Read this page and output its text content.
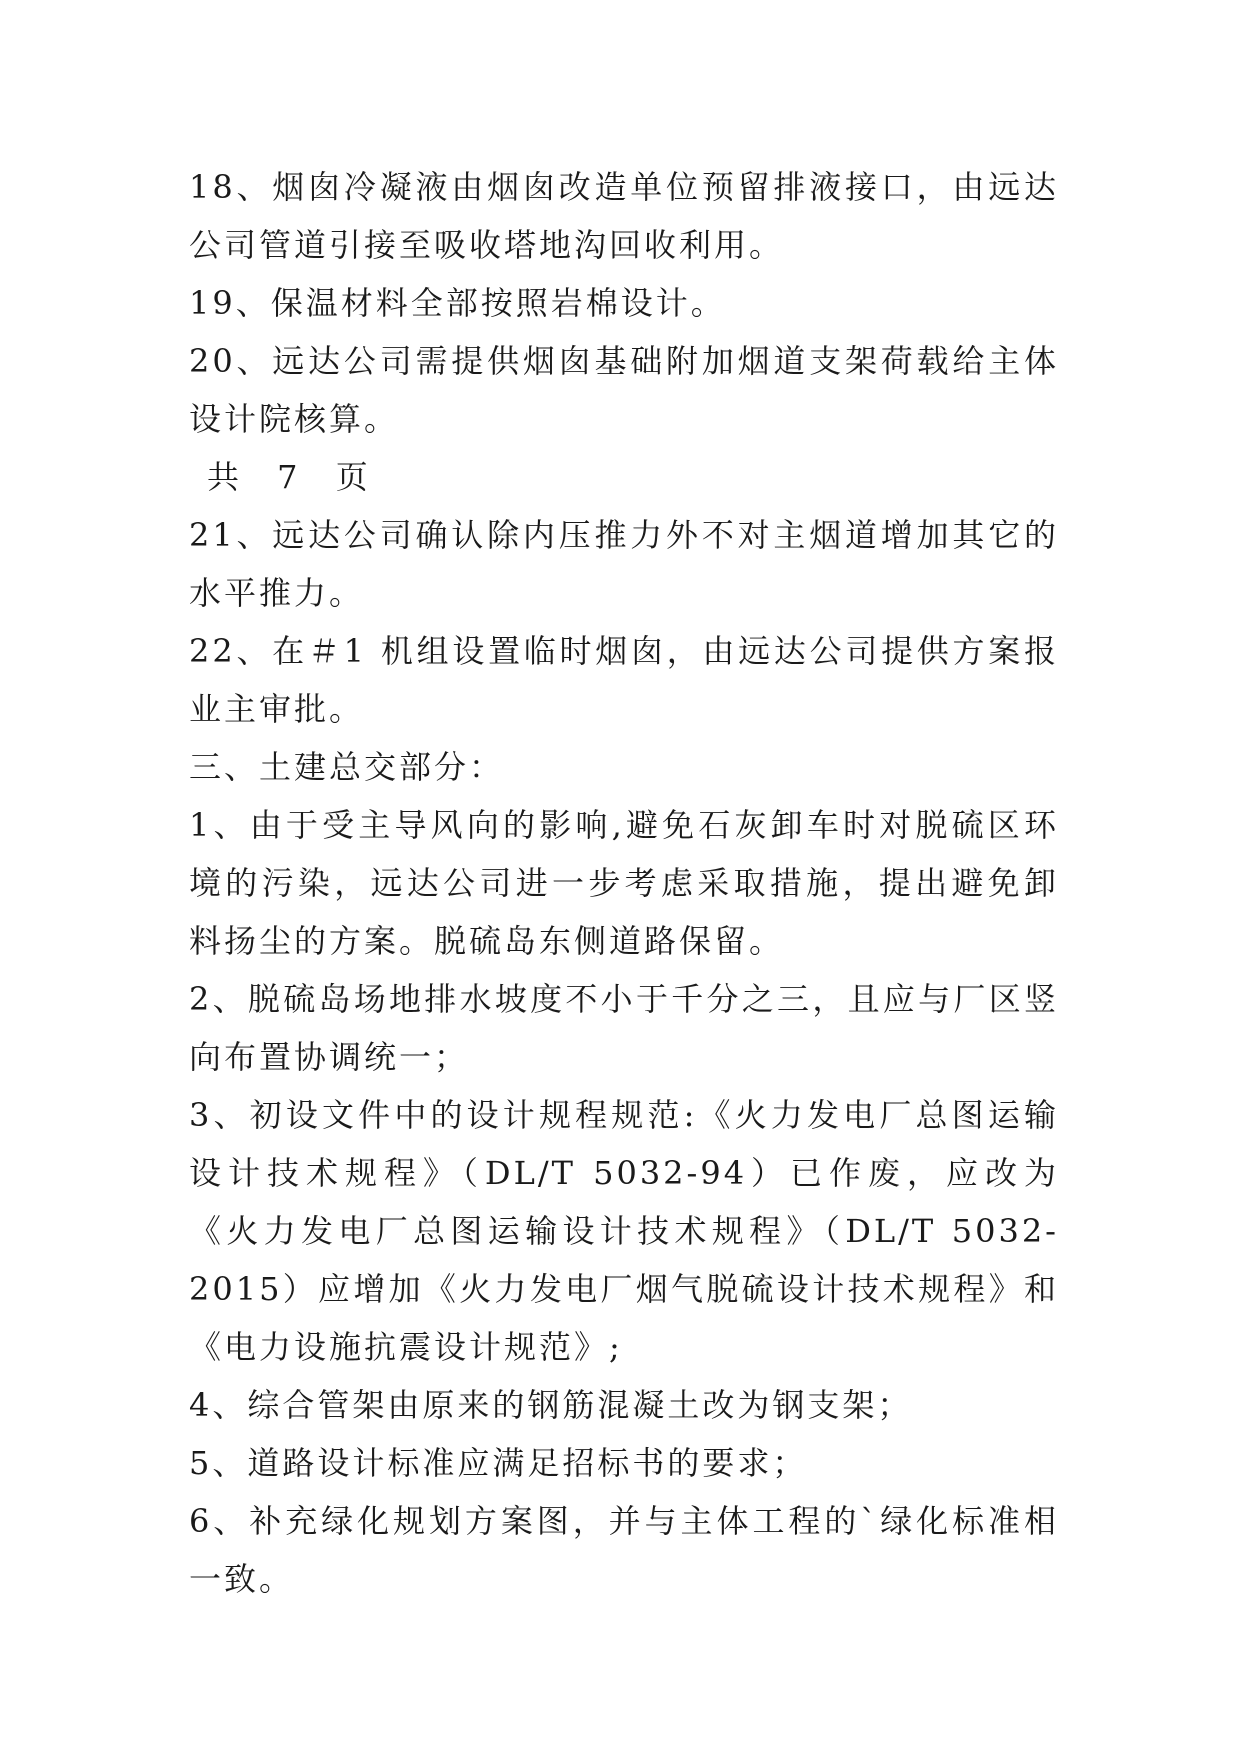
18、烟囱冷凝液由烟囱改造单位预留排液接口，由远达公司管道引接至吸收塔地沟回收利用。

19、保温材料全部按照岩棉设计。

20、远达公司需提供烟囱基础附加烟道支架荷载给主体设计院核算。

共 7 页

21、远达公司确认除内压推力外不对主烟道增加其它的水平推力。

22、在＃1 机组设置临时烟囱，由远达公司提供方案报业主审批。

三、土建总交部分：

1、由于受主导风向的影响,避免石灰卸车时对脱硫区环境的污染，远达公司进一步考虑采取措施，提出避免卸料扬尘的方案。脱硫岛东侧道路保留。

2、脱硫岛场地排水坡度不小于千分之三，且应与厂区竖向布置协调统一；

3、初设文件中的设计规程规范:《火力发电厂总图运输设计技术规程》（DL/T 5032-94）已作废，应改为《火力发电厂总图运输设计技术规程》（DL/T 5032-2015）应增加《火力发电厂烟气脱硫设计技术规程》和《电力设施抗震设计规范》;

4、综合管架由原来的钢筋混凝土改为钢支架；

5、道路设计标准应满足招标书的要求；

6、补充绿化规划方案图，并与主体工程的`绿化标准相一致。
